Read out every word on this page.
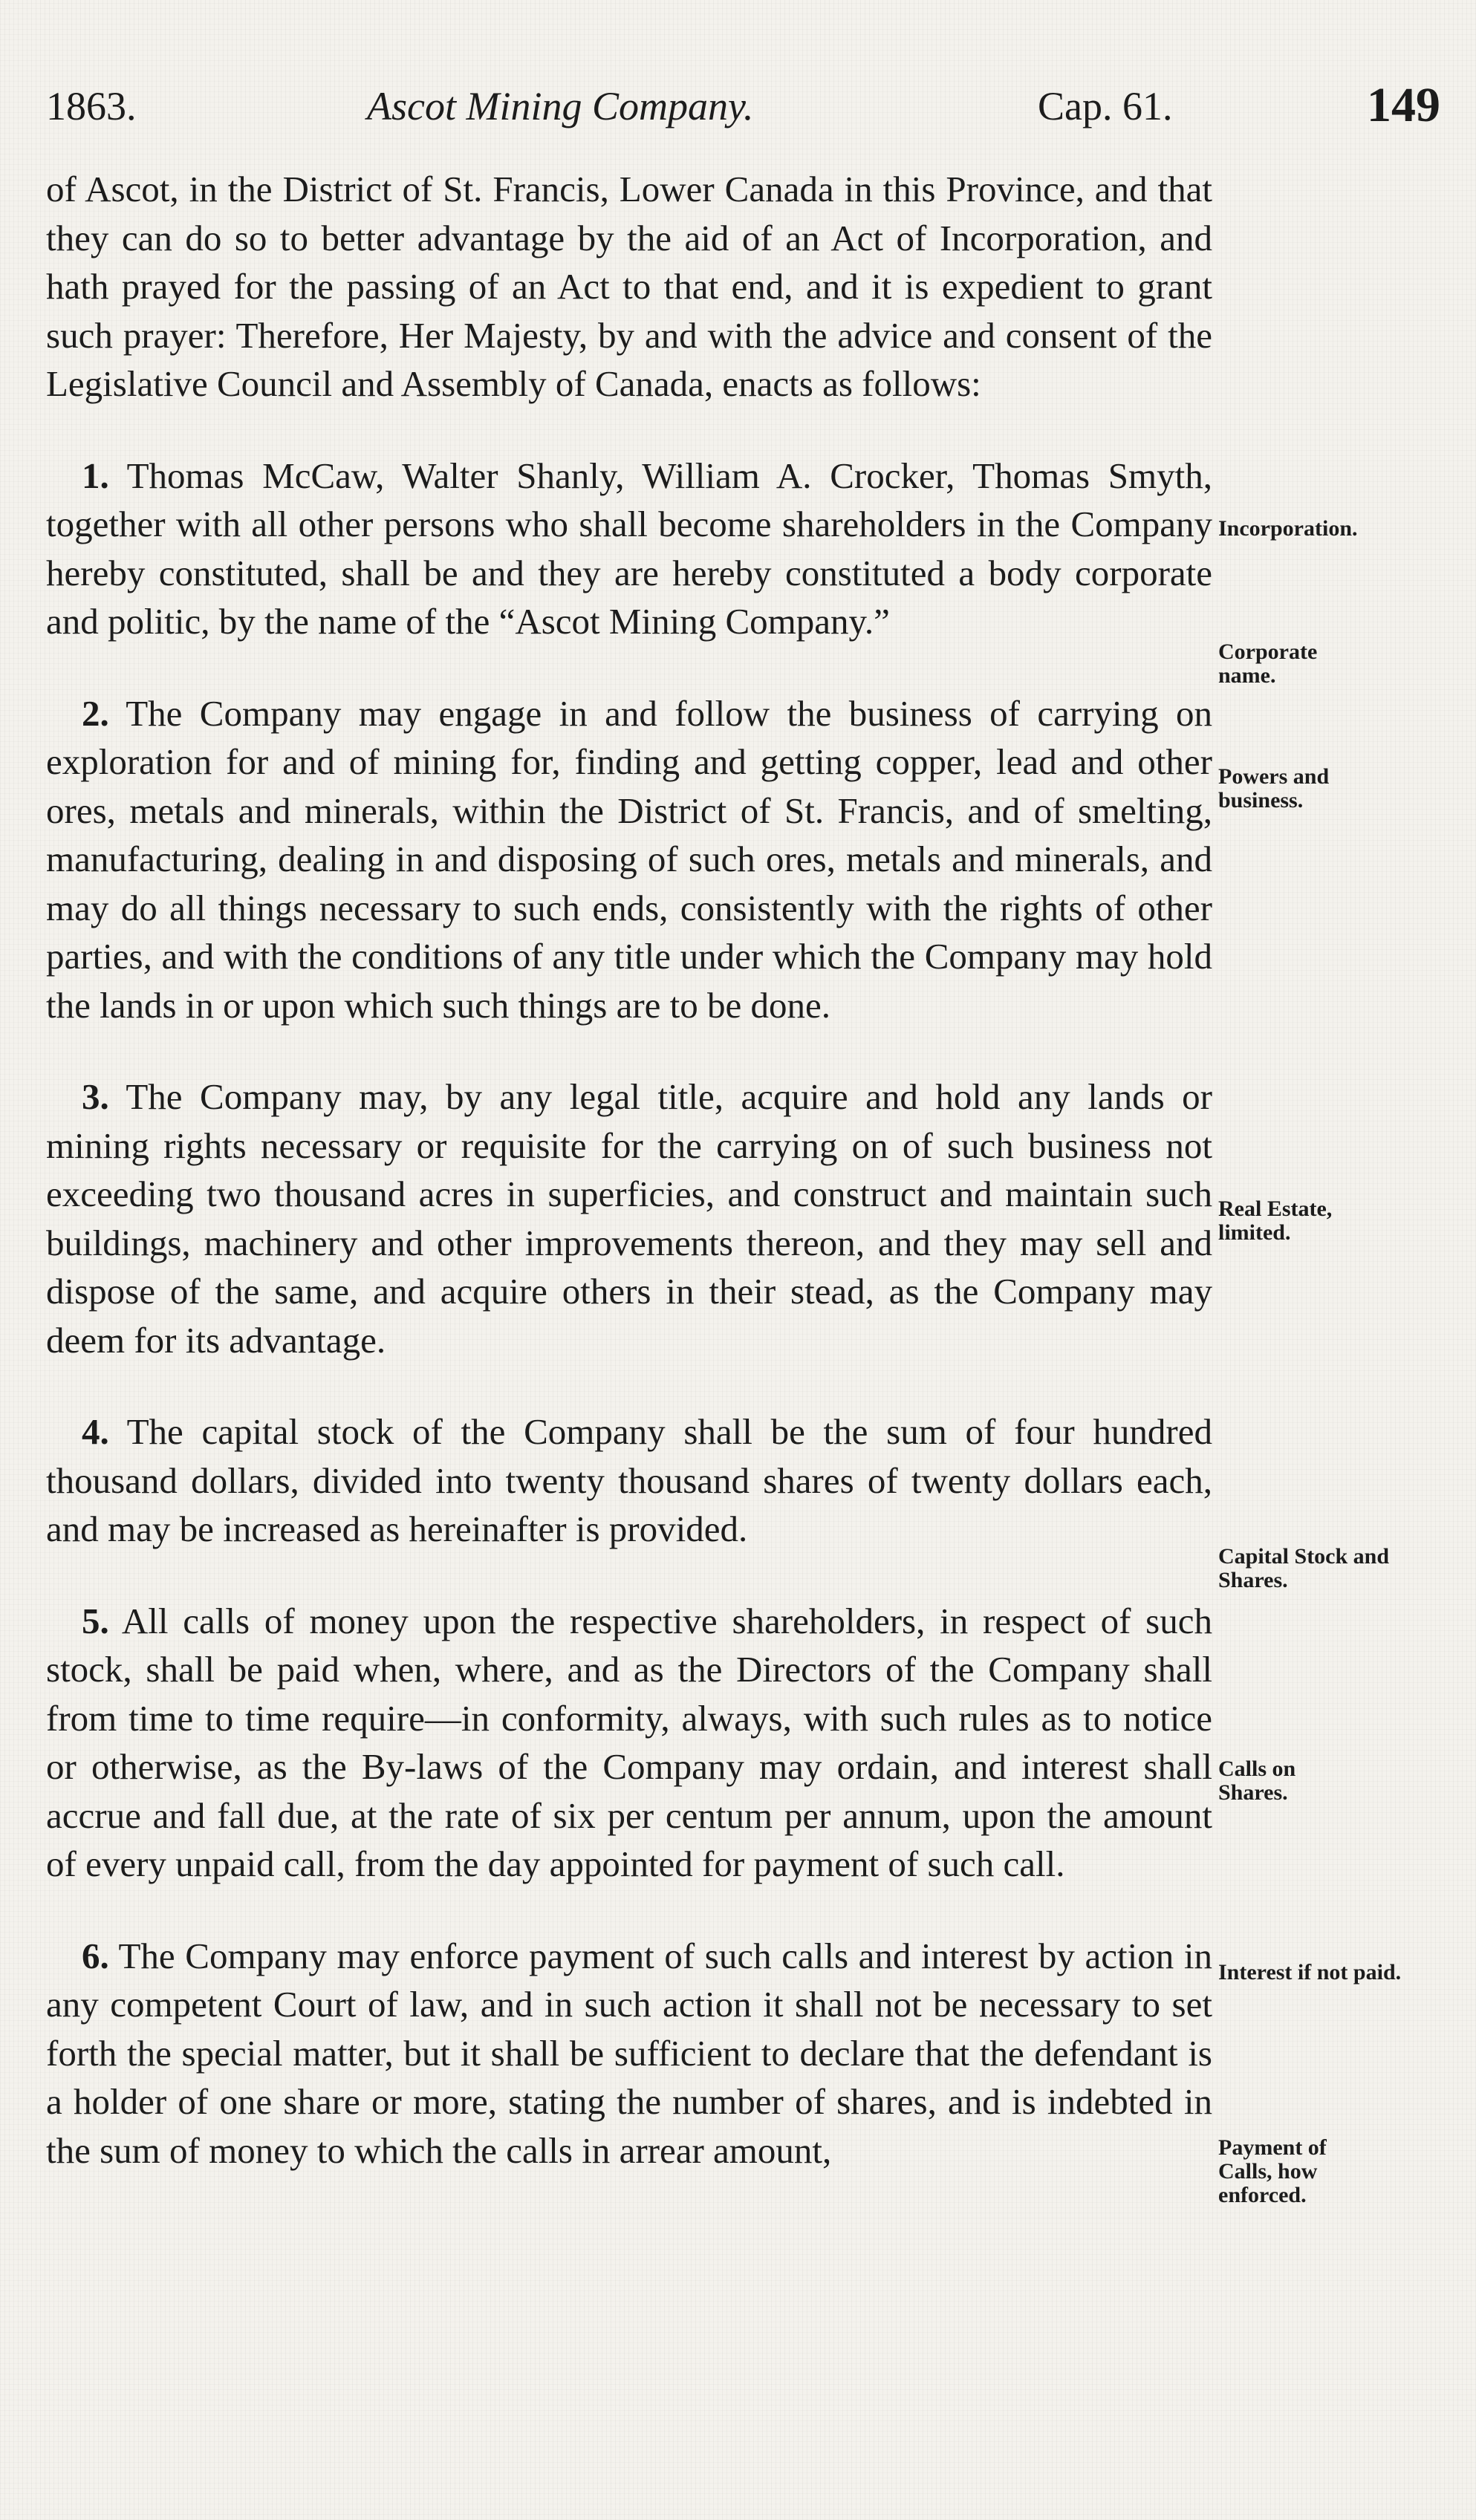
1863.	Ascot Mining Company.	Cap. 61.	149

of Ascot, in the District of St. Francis, Lower Canada in this Province, and that they can do so to better advantage by the aid of an Act of Incorporation, and hath prayed for the passing of an Act to that end, and it is expedient to grant such prayer: Therefore, Her Majesty, by and with the advice and consent of the Legislative Council and Assembly of Canada, enacts as follows:

1. Thomas McCaw, Walter Shanly, William A. Crocker, Thomas Smyth, together with all other persons who shall become shareholders in the Company hereby constituted, shall be and they are hereby constituted a body corporate and politic, by the name of the “Ascot Mining Company.”

2. The Company may engage in and follow the business of carrying on exploration for and of mining for, finding and getting copper, lead and other ores, metals and minerals, within the District of St. Francis, and of smelting, manufacturing, dealing in and disposing of such ores, metals and minerals, and may do all things necessary to such ends, consistently with the rights of other parties, and with the conditions of any title under which the Company may hold the lands in or upon which such things are to be done.

3. The Company may, by any legal title, acquire and hold any lands or mining rights necessary or requisite for the carrying on of such business not exceeding two thousand acres in superficies, and construct and maintain such buildings, machinery and other improvements thereon, and they may sell and dispose of the same, and acquire others in their stead, as the Company may deem for its advantage.

4. The capital stock of the Company shall be the sum of four hundred thousand dollars, divided into twenty thousand shares of twenty dollars each, and may be increased as hereinafter is provided.

5. All calls of money upon the respective shareholders, in respect of such stock, shall be paid when, where, and as the Directors of the Company shall from time to time require—in conformity, always, with such rules as to notice or otherwise, as the By-laws of the Company may ordain, and interest shall accrue and fall due, at the rate of six per centum per annum, upon the amount of every unpaid call, from the day appointed for payment of such call.

6. The Company may enforce payment of such calls and interest by action in any competent Court of law, and in such action it shall not be necessary to set forth the special matter, but it shall be sufficient to declare that the defendant is a holder of one share or more, stating the number of shares, and is indebted in the sum of money to which the calls in arrear amount,

Incorporation.
Corporate name.
Powers and business.
Real Estate, limited.
Capital Stock and Shares.
Calls on Shares.
Interest if not paid.
Payment of Calls, how enforced.
